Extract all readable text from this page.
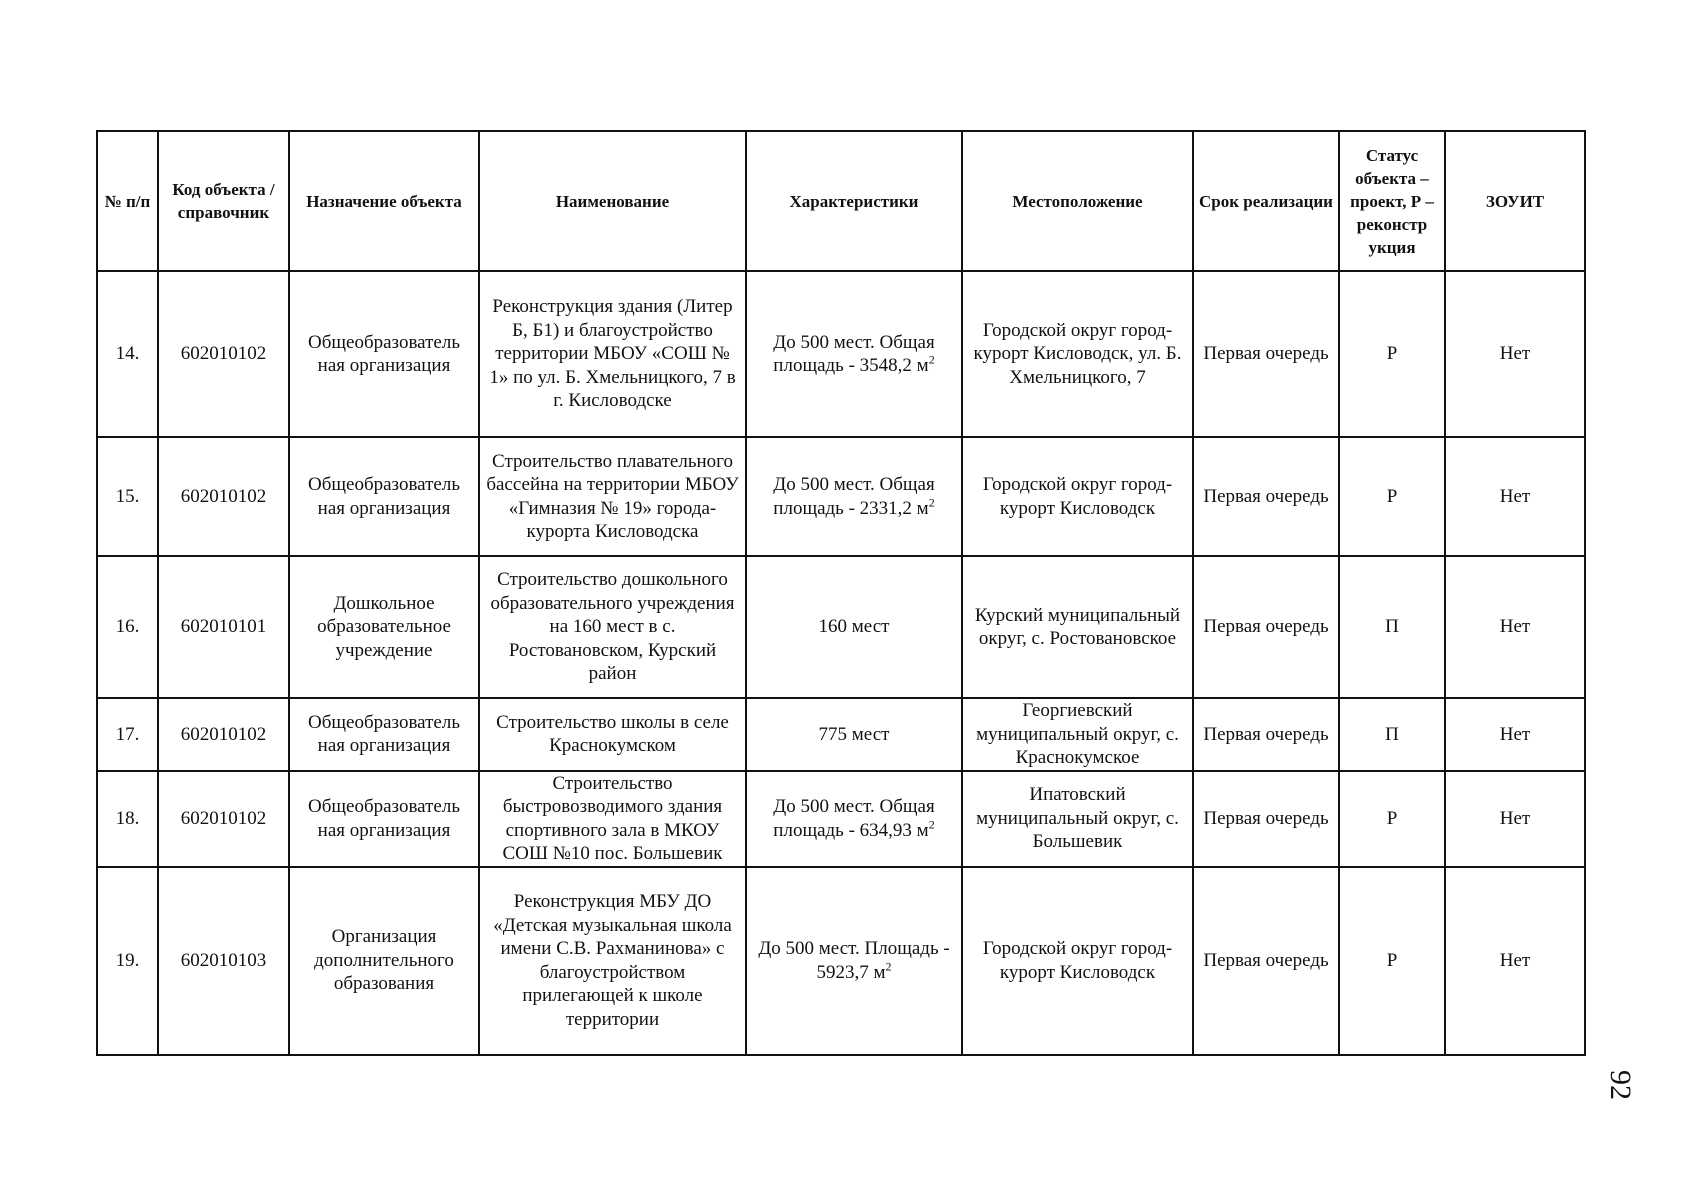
№ п/п	Код объекта / справочник	Назначение объекта	Наименование	Характеристики	Местоположение	Срок реализации	Статус объекта – проект, Р – реконстр укция	ЗОУИТ
14.	602010102	Общеобразователь ная организация	Реконструкция здания (Литер Б, Б1) и благоустройство территории МБОУ «СОШ № 1» по ул. Б. Хмельницкого, 7 в г. Кисловодске	До 500 мест. Общая площадь - 3548,2 $м^2$	Городской округ город-курорт Кисловодск, ул. Б. Хмельницкого, 7	Первая очередь	Р	Нет
15.	602010102	Общеобразователь ная организация	Строительство плавательного бассейна на территории МБОУ «Гимназия № 19» города-курорта Кисловодска	До 500 мест. Общая площадь - 2331,2 $м^2$	Городской округ город-курорт Кисловодск	Первая очередь	Р	Нет
16.	602010101	Дошкольное образовательное учреждение	Строительство дошкольного образовательного учреждения на 160 мест в с. Ростовановском, Курский район	160 мест	Курский муниципальный округ, с. Ростовановское	Первая очередь	П	Нет
17.	602010102	Общеобразователь ная организация	Строительство школы в селе Краснокумском	775 мест	Георгиевский муниципальный округ, с. Краснокумское	Первая очередь	П	Нет
18.	602010102	Общеобразователь ная организация	Строительство быстровозводимого здания спортивного зала в МКОУ СОШ №10 пос. Большевик	До 500 мест. Общая площадь - 634,93 $м^2$	Ипатовский муниципальный округ, с. Большевик	Первая очередь	Р	Нет
19.	602010103	Организация дополнительного образования	Реконструкция МБУ ДО «Детская музыкальная школа имени С.В. Рахманинова» с благоустройством прилегающей к школе территории	До 500 мест. Площадь - 5923,7 $м^2$	Городской округ город-курорт Кисловодск	Первая очередь	Р	Нет
92
